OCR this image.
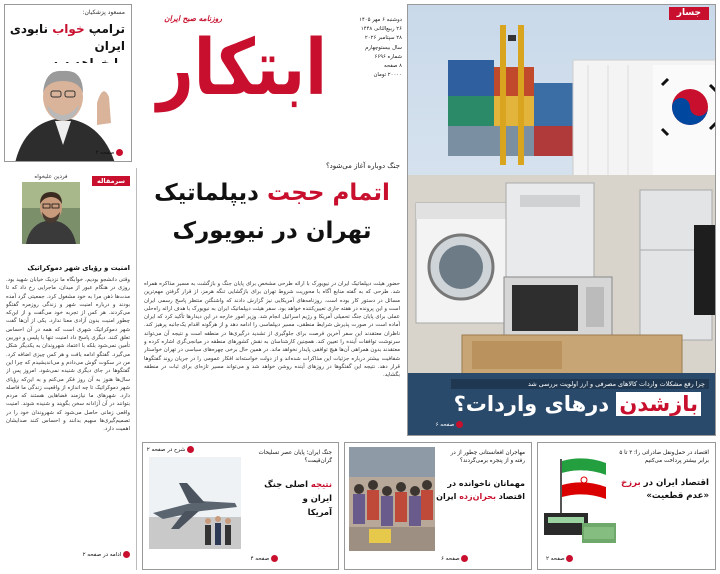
جسار
چرا رفع مشکلات واردات کالاهای مصرفی و ارز اولویت بررسی شد
بازشدن درهای واردات؟
صفحه ۶
ابتکار
روزنامه صبح ایران	دوشنبه ۶ مهر ۱۴۰۵
۲۶ ربیع‌الثانی ۱۴۴۸
۲۸ سپتامبر ۲۰۲۶
سال بیستوچهارم
شماره ۶۶۹۶
۸ صفحه
۲۰۰۰۰ تومان
مسعود پزشکیان:
ترامپ خواب نابودی ایران

صفحه ۲
سرمقاله
فردین علیخواه
امنیت و رؤیای شهر دموکراتیک
وقتی دانشجو بودیم، خوابگاه ما نزدیک خیابان شهید بود. روزی در هنگام عبور از میدان، ماجرایی رخ داد که تا مدت‌ها ذهن مرا به خود مشغول کرد. جمعیتی گرد آمده بودند و درباره امنیت شهر و زندگی روزمره گفتگو می‌کردند. هر کس از تجربه خود می‌گفت و از این‌که چطور امنیت بدون آزادی معنا ندارد. یکی از آن‌ها گفت شهر دموکراتیک شهری است که همه در آن احساس تعلق کنند. دیگری پاسخ داد امنیت تنها با پلیس و دوربین تأمین نمی‌شود بلکه با اعتماد شهروندان به یکدیگر شکل می‌گیرد. گفتگو ادامه یافت و هر کس چیزی اضافه کرد. من در سکوت گوش می‌دادم و می‌اندیشیدم که چرا این گفتگوها در جای دیگری شنیده نمی‌شود. امروز پس از سال‌ها هنوز به آن روز فکر می‌کنم و به این‌که رؤیای شهر دموکراتیک تا چه اندازه از واقعیت زندگی ما فاصله دارد. شهرهای ما نیازمند فضاهایی هستند که مردم بتوانند در آن آزادانه سخن بگویند و شنیده شوند. امنیت واقعی زمانی حاصل می‌شود که شهروندان خود را در تصمیم‌گیری‌ها سهیم بدانند و احساس کنند صدایشان اهمیت دارد.
ادامه در صفحه ۲
جنگ دوباره آغاز می‌شود؟
اتمام حجت دیپلماتیک
تهران در نیویورک
حضور هیئت دیپلماتیک ایران در نیویورک با ارائه طرحی مشخص برای پایان جنگ و بازگشت به مسیر مذاکره همراه شد. طرحی که به گفته منابع آگاه با محوریت شروط تهران برای بازگشایی تنگه هرمز، از قرار گرفتن مهم‌ترین مسائل در دستور کار بوده است. روزنامه‌های آمریکایی نیز گزارش دادند که واشنگتن منتظر پاسخ رسمی ایران است و این پرونده در هفته جاری تعیین‌کننده خواهد بود. سفر هیئت دیپلماتیک ایران به نیویورک با هدف ارائه راه‌حلی عملی برای پایان جنگ تحمیلی آمریکا و رژیم اسرائیل انجام شد. وزیر امور خارجه در این دیدارها تأکید کرد که ایران آماده است در صورت پذیرش شرایط منطقی، مسیر دیپلماسی را ادامه دهد و از هرگونه اقدام یک‌جانبه پرهیز کند. ناظران معتقدند این سفر آخرین فرصت برای جلوگیری از تشدید درگیری‌ها در منطقه است و نتیجه آن می‌تواند سرنوشت توافقات آینده را تعیین کند. همچنین کارشناسان به نقش کشورهای منطقه در میانجی‌گری اشاره کرده و معتقدند بدون همراهی آن‌ها هیچ توافقی پایدار نخواهد ماند. در همین حال برخی چهره‌های سیاسی در تهران خواستار شفافیت بیشتر درباره جزئیات این مذاکرات شده‌اند و از دولت خواسته‌اند افکار عمومی را در جریان روند گفتگوها قرار دهد. نتیجه این گفتگوها در روزهای آینده روشن خواهد شد و می‌تواند مسیر تازه‌ای برای ثبات در منطقه بگشاید.
شرح در صفحه ۲	اقتصاد در حمل‌ونقل صادراتی را؛ ۳ تا ۵ برابر بیشتر پرداخت می‌کنیم
اقتصاد ایران در برزخ
«عدم قطعیت»
صفحه ۲
مهاجران افغانستانی چطور از در رفته و از پنجره برمی‌گردند؟
مهمانان ناخوانده در
اقتصاد بحران‌زده ایران
صفحه ۶
جنگ ایران؛ پایان عصر تسلیحات گران‌قیمت؟
نتیجه اصلی جنگ ایران و
آمریکا
صفحه ۴
